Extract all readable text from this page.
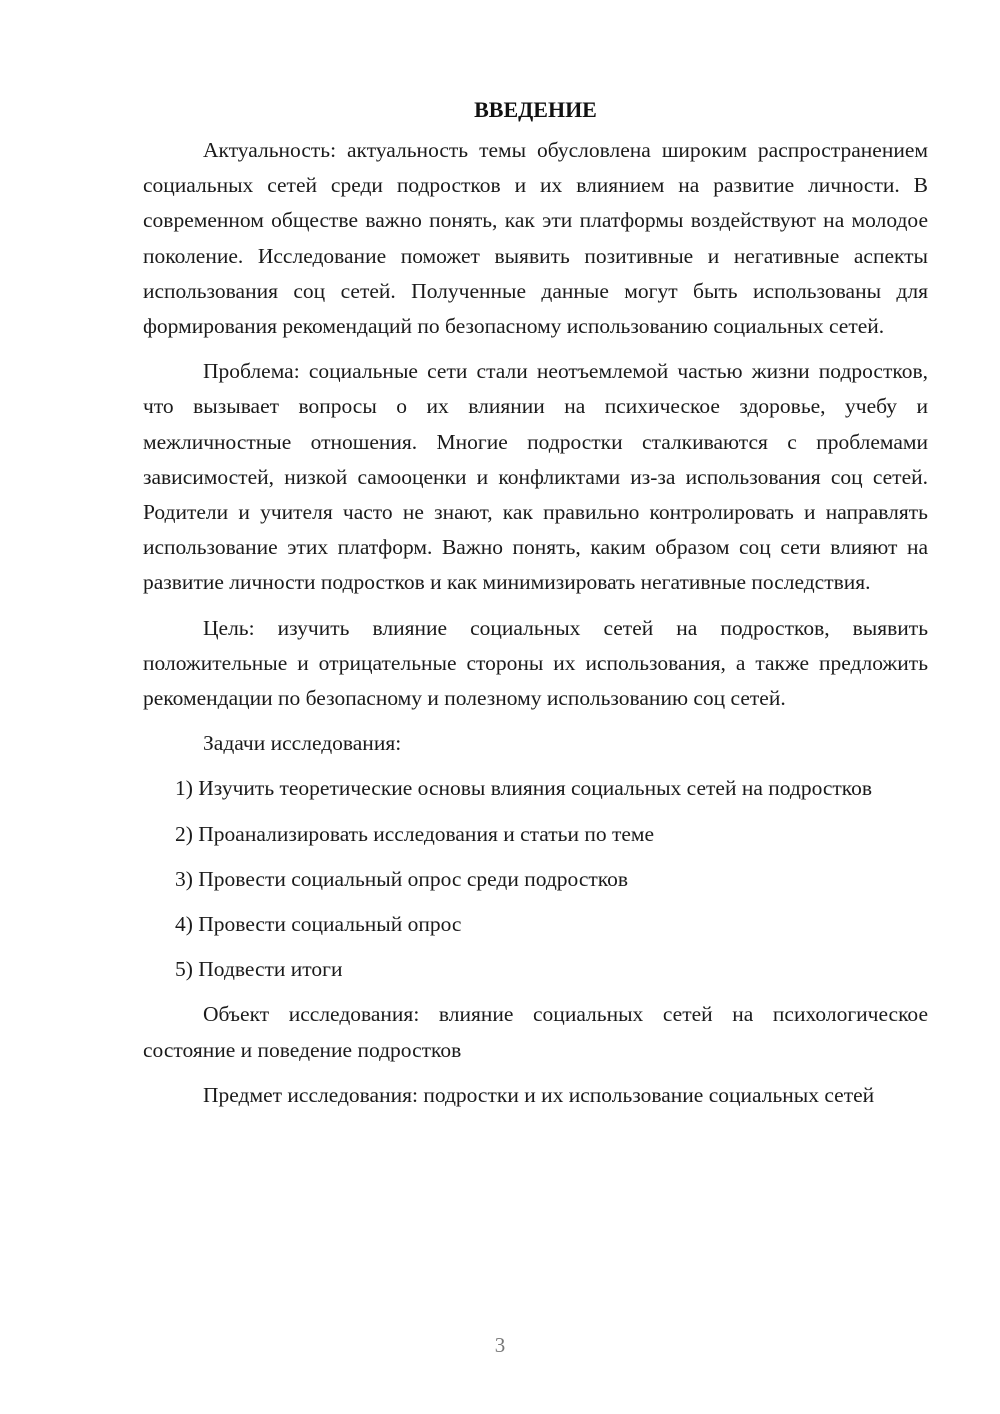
ВВЕДЕНИЕ

Актуальность: актуальность темы обусловлена широким распространением социальных сетей среди подростков и их влиянием на развитие личности. В современном обществе важно понять, как эти платформы воздействуют на молодое поколение. Исследование поможет выявить позитивные и негативные аспекты использования соц сетей. Полученные данные могут быть использованы для формирования рекомендаций по безопасному использованию социальных сетей.

Проблема: социальные сети стали неотъемлемой частью жизни подростков, что вызывает вопросы о их влиянии на психическое здоровье, учебу и межличностные отношения. Многие подростки сталкиваются с проблемами зависимостей, низкой самооценки и конфликтами из-за использования соц сетей. Родители и учителя часто не знают, как правильно контролировать и направлять использование этих платформ. Важно понять, каким образом соц сети влияют на развитие личности подростков и как минимизировать негативные последствия.

Цель: изучить влияние социальных сетей на подростков, выявить положительные и отрицательные стороны их использования, а также предложить рекомендации по безопасному и полезному использованию соц сетей.

Задачи исследования:

1) Изучить теоретические основы влияния социальных сетей на подростков

2) Проанализировать исследования и статьи по теме

3) Провести социальный опрос среди подростков

4) Провести социальный опрос

5) Подвести итоги

Объект исследования: влияние социальных сетей на психологическое состояние и поведение подростков

Предмет исследования: подростки и их использование социальных сетей

3
